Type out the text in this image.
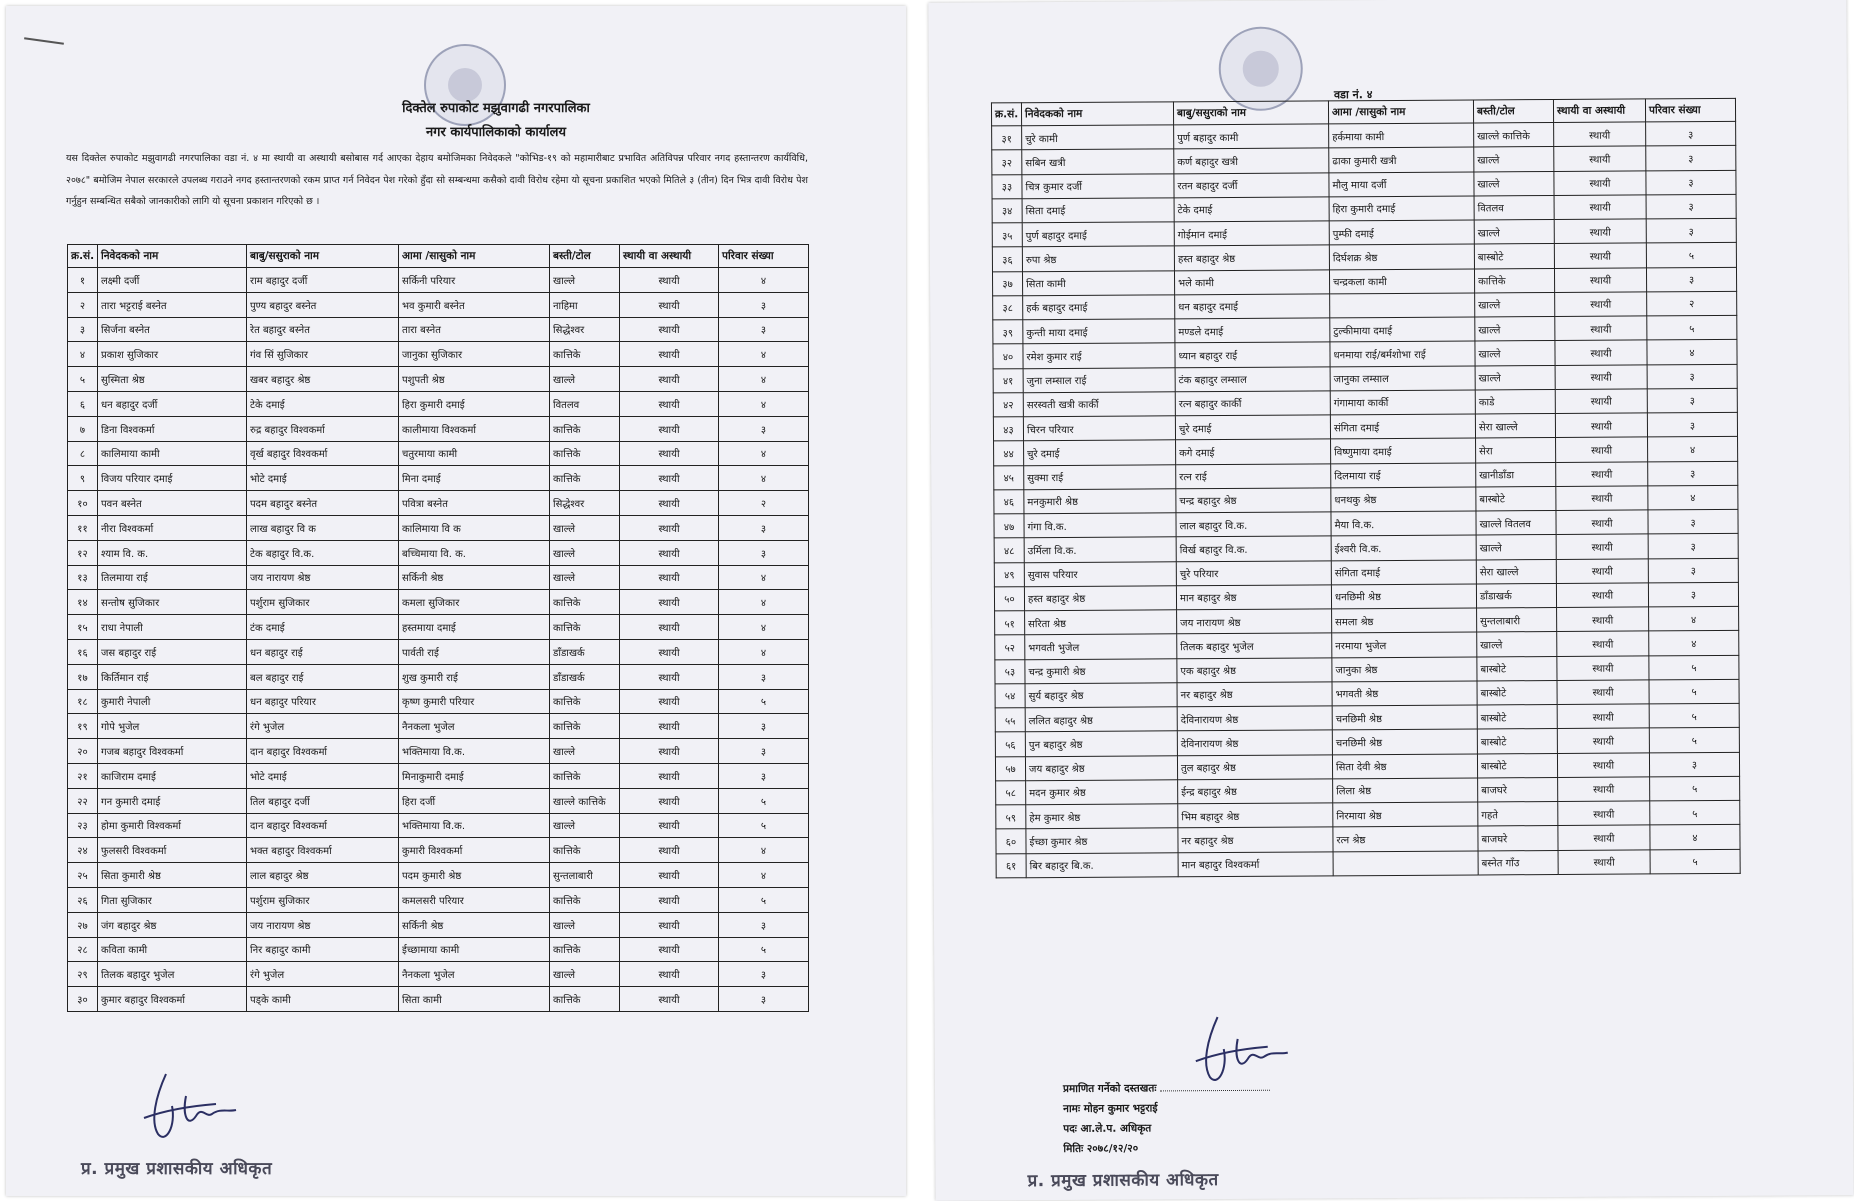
दिक्तेल रुपाकोट मझुवागढी नगरपालिका
नगर कार्यपालिकाको कार्यालय
यस दिक्तेल रुपाकोट मझुवागढी नगरपालिका वडा नं. ४ मा स्थायी वा अस्थायी बसोबास गर्द आएका देहाय बमोजिमका निवेदकले "कोभिड-१९ को महामारीबाट प्रभावित अतिविपन्न परिवार नगद हस्तान्तरण कार्यविधि, २०७८" बमोजिम नेपाल सरकारले उपलब्ध गराउने नगद हस्तान्तरणको रकम प्राप्त गर्न निवेदन पेश गरेको हुँदा सो सम्बन्धमा कसैको दावी विरोध रहेमा यो सूचना प्रकाशित भएको मितिले ३ (तीन) दिन भित्र दावी विरोध पेश गर्नुहुन सम्बन्धित सबैको जानकारीको लागि यो सूचना प्रकाशन गरिएको छ ।
क्र.सं.	निवेदकको नाम	बाबु/ससुराको नाम	आमा /सासुको नाम	बस्ती/टोल	स्थायी वा अस्थायी	परिवार संख्या
१	लक्ष्मी दर्जी	राम बहादुर दर्जी	सर्किनी परियार	खाल्ले	स्थायी	४
२	तारा भट्टराई बस्नेत	पुण्य बहादुर बस्नेत	भव कुमारी बस्नेत	नाहिमा	स्थायी	३
३	सिर्जना बस्नेत	रेत बहादुर बस्नेत	तारा बस्नेत	सिद्धेश्वर	स्थायी	३
४	प्रकाश सुजिकार	गंव सिं सुजिकार	जानुका सुजिकार	कात्तिके	स्थायी	४
५	सुस्मिता श्रेष्ठ	खबर बहादुर श्रेष्ठ	पशुपती श्रेष्ठ	खाल्ले	स्थायी	४
६	धन बहादुर दर्जी	टेके दमाई	हिरा कुमारी दमाई	वितलव	स्थायी	४
७	डिना विश्वकर्मा	रुद्र बहादुर विश्वकर्मा	कालीमाया विश्वकर्मा	कात्तिके	स्थायी	३
८	कालिमाया कामी	वृर्ख बहादुर विश्वकर्मा	चतुरमाया कामी	कात्तिके	स्थायी	४
९	विजय परियार दमाई	भोटे दमाई	मिना दमाई	कात्तिके	स्थायी	४
१०	पवन बस्नेत	पदम बहादुर बस्नेत	पवित्रा बस्नेत	सिद्धेश्वर	स्थायी	२
११	नीरा विश्वकर्मा	लाख बहादुर वि क	कालिमाया वि क	खाल्ले	स्थायी	३
१२	श्याम वि. क.	टेक बहादुर वि.क.	बच्चिमाया वि. क.	खाल्ले	स्थायी	३
१३	तिलमाया राई	जय नारायण श्रेष्ठ	सर्किनी श्रेष्ठ	खाल्ले	स्थायी	४
१४	सन्तोष सुजिकार	पर्शुराम सुजिकार	कमला सुजिकार	कात्तिके	स्थायी	४
१५	राधा नेपाली	टंक दमाई	हस्तमाया दमाई	कात्तिके	स्थायी	४
१६	जस बहादुर राई	धन बहादुर राई	पार्वती राई	डाँडाखर्क	स्थायी	४
१७	किर्तिमान राई	बल बहादुर राई	शुख कुमारी राई	डाँडाखर्क	स्थायी	३
१८	कुमारी नेपाली	धन बहादुर परियार	कृष्ण कुमारी परियार	कात्तिके	स्थायी	५
१९	गोपे भुजेल	रंगे भुजेल	नैनकला भुजेल	कात्तिके	स्थायी	३
२०	गजब बहादुर विश्वकर्मा	दान बहादुर विश्वकर्मा	भक्तिमाया वि.क.	खाल्ले	स्थायी	३
२१	काजिराम दमाई	भोटे दमाई	मिनाकुमारी दमाई	कात्तिके	स्थायी	३
२२	गन कुमारी दमाई	तिल बहादुर दर्जी	हिरा दर्जी	खाल्ले कात्तिके	स्थायी	५
२३	होमा कुमारी विश्वकर्मा	दान बहादुर विश्वकर्मा	भक्तिमाया वि.क.	खाल्ले	स्थायी	५
२४	फुलसरी विश्वकर्मा	भक्त बहादुर विश्वकर्मा	कुमारी विश्वकर्मा	कात्तिके	स्थायी	४
२५	सिता कुमारी श्रेष्ठ	लाल बहादुर श्रेष्ठ	पदम कुमारी श्रेष्ठ	सुन्तलाबारी	स्थायी	४
२६	गिता सुजिकार	पर्शुराम सुजिकार	कमलसरी परियार	कात्तिके	स्थायी	५
२७	जंग बहादुर श्रेष्ठ	जय नारायण श्रेष्ठ	सर्किनी श्रेष्ठ	खाल्ले	स्थायी	३
२८	कविता कामी	निर बहादुर कामी	ईच्छामाया कामी	कात्तिके	स्थायी	५
२९	तिलक बहादुर भुजेल	रंगे भुजेल	नैनकला भुजेल	खाल्ले	स्थायी	३
३०	कुमार बहादुर विश्वकर्मा	पड्के कामी	सिता कामी	कात्तिके	स्थायी	३
प्र. प्रमुख प्रशासकीय अधिकृत
वडा नं. ४
क्र.सं.	निवेदकको नाम	बाबु/ससुराको नाम	आमा /सासुको नाम	बस्ती/टोल	स्थायी वा अस्थायी	परिवार संख्या
३१	चुरे कामी	पुर्ण बहादुर कामी	हर्कमाया कामी	खाल्ले कात्तिके	स्थायी	३
३२	सबिन खत्री	कर्ण बहादुर खत्री	ढाका कुमारी खत्री	खाल्ले	स्थायी	३
३३	चित्र कुमार दर्जी	रतन बहादुर दर्जी	मौलु माया दर्जी	खाल्ले	स्थायी	३
३४	सिता दमाई	टेके दमाई	हिरा कुमारी दमाई	वितलव	स्थायी	३
३५	पुर्ण बहादुर दमाई	गोईमान दमाई	पुम्फी दमाई	खाल्ले	स्थायी	३
३६	रुपा श्रेष्ठ	हस्त बहादुर श्रेष्ठ	दिर्घशक्र श्रेष्ठ	बास्बोटे	स्थायी	५
३७	सिता कामी	भले कामी	चन्द्रकला कामी	कात्तिके	स्थायी	३
३८	हर्क बहादुर दमाई	धन बहादुर दमाई		खाल्ले	स्थायी	२
३९	कुन्ती माया दमाई	मण्डले दमाई	टुल्कीमाया दमाई	खाल्ले	स्थायी	५
४०	रमेश कुमार राई	ध्यान बहादुर राई	धनमाया राई/बर्मशोभा राई	खाल्ले	स्थायी	४
४१	जुना लम्साल राई	टंक बहादुर लम्साल	जानुका लम्साल	खाल्ले	स्थायी	३
४२	सरस्वती खत्री कार्की	रत्न बहादुर कार्की	गंगामाया कार्की	काडे	स्थायी	३
४३	चिरन परियार	चुरे दमाई	संगिता दमाई	सेरा खाल्ले	स्थायी	३
४४	चुरे दमाई	कगे दमाई	विष्णुमाया दमाई	सेरा	स्थायी	४
४५	सुक्मा राई	रत्न राई	दिलमाया राई	खानीडाँडा	स्थायी	३
४६	मनकुमारी श्रेष्ठ	चन्द्र बहादुर श्रेष्ठ	धनथकु श्रेष्ठ	बास्बोटे	स्थायी	४
४७	गंगा वि.क.	लाल बहादुर वि.क.	मैया वि.क.	खाल्ले वितलव	स्थायी	३
४८	उर्मिला वि.क.	विर्ख बहादुर वि.क.	ईश्वरी वि.क.	खाल्ले	स्थायी	३
४९	सुवास परियार	चुरे परियार	संगिता दमाई	सेरा खाल्ले	स्थायी	३
५०	हस्त बहादुर श्रेष्ठ	मान बहादुर श्रेष्ठ	धनछिमी श्रेष्ठ	डाँडाखर्क	स्थायी	३
५१	सरिता श्रेष्ठ	जय नारायण श्रेष्ठ	समला श्रेष्ठ	सुन्तलाबारी	स्थायी	४
५२	भगवती भुजेल	तिलक बहादुर भुजेल	नरमाया भुजेल	खाल्ले	स्थायी	४
५३	चन्द्र कुमारी श्रेष्ठ	एक बहादुर श्रेष्ठ	जानुका श्रेष्ठ	बास्बोटे	स्थायी	५
५४	सुर्य बहादुर श्रेष्ठ	नर बहादुर श्रेष्ठ	भगवती श्रेष्ठ	बास्बोटे	स्थायी	५
५५	ललित बहादुर श्रेष्ठ	देविनारायण श्रेष्ठ	चनछिमी श्रेष्ठ	बास्बोटे	स्थायी	५
५६	पुन बहादुर श्रेष्ठ	देविनारायण श्रेष्ठ	चनछिमी श्रेष्ठ	बास्बोटे	स्थायी	५
५७	जय बहादुर श्रेष्ठ	तुल बहादुर श्रेष्ठ	सिता देवी श्रेष्ठ	बास्बोटे	स्थायी	३
५८	मदन कुमार श्रेष्ठ	ईन्द्र बहादुर श्रेष्ठ	लिला श्रेष्ठ	बाजघरे	स्थायी	५
५९	हेम कुमार श्रेष्ठ	भिम बहादुर श्रेष्ठ	निरमाया श्रेष्ठ	गहते	स्थायी	५
६०	ईच्छा कुमार श्रेष्ठ	नर बहादुर श्रेष्ठ	रत्न श्रेष्ठ	बाजघरे	स्थायी	४
६१	बिर बहादुर बि.क.	मान बहादुर विश्वकर्मा		बस्नेत गाँउ	स्थायी	५
प्रमाणित गर्नेको दस्तखतः
नामः मोहन कुमार भट्टराई
पदः आ.ले.प. अधिकृत
मितिः २०७८/१२/२०
प्र. प्रमुख प्रशासकीय अधिकृत
